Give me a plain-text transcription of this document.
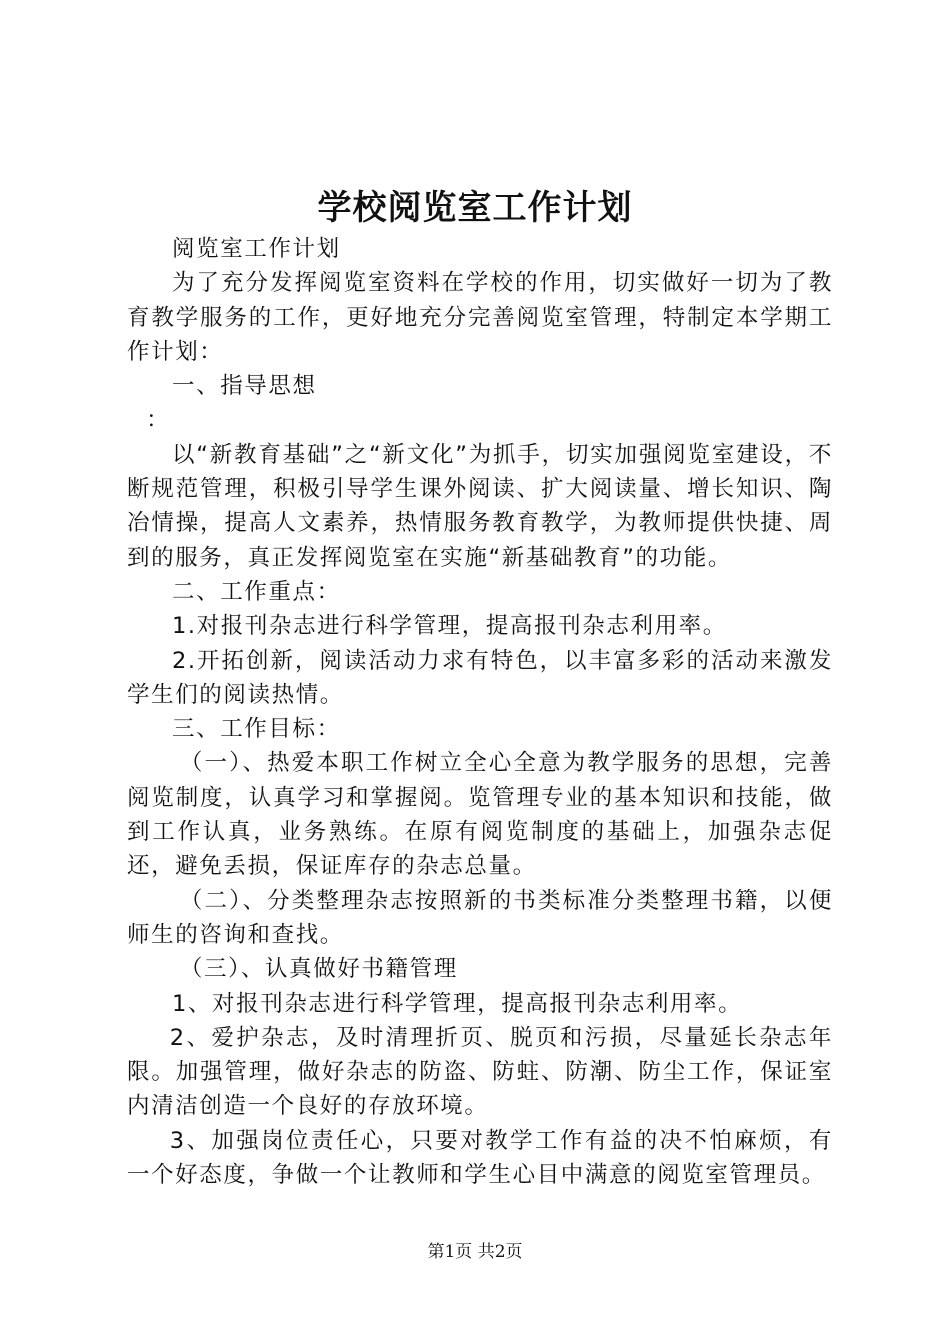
学校阅览室工作计划

阅览室工作计划

为了充分发挥阅览室资料在学校的作用，切实做好一切为了教育教学服务的工作，更好地充分完善阅览室管理，特制定本学期工作计划：

一、指导思想

：

以“新教育基础”之“新文化”为抓手，切实加强阅览室建设，不断规范管理，积极引导学生课外阅读、扩大阅读量、增长知识、陶冶情操，提高人文素养，热情服务教育教学，为教师提供快捷、周到的服务，真正发挥阅览室在实施“新基础教育”的功能。

二、工作重点：

1.对报刊杂志进行科学管理，提高报刊杂志利用率。

2.开拓创新，阅读活动力求有特色，以丰富多彩的活动来激发学生们的阅读热情。

三、工作目标：

（一）、热爱本职工作树立全心全意为教学服务的思想，完善阅览制度，认真学习和掌握阅。览管理专业的基本知识和技能，做到工作认真，业务熟练。在原有阅览制度的基础上，加强杂志促还，避免丢损，保证库存的杂志总量。

（二）、分类整理杂志按照新的书类标准分类整理书籍，以便师生的咨询和查找。

（三）、认真做好书籍管理

1、对报刊杂志进行科学管理，提高报刊杂志利用率。

2、爱护杂志，及时清理折页、脱页和污损，尽量延长杂志年限。加强管理，做好杂志的防盗、防蛀、防潮、防尘工作，保证室内清洁创造一个良好的存放环境。

3、加强岗位责任心，只要对教学工作有益的决不怕麻烦，有一个好态度，争做一个让教师和学生心目中满意的阅览室管理员。

第1页 共2页
